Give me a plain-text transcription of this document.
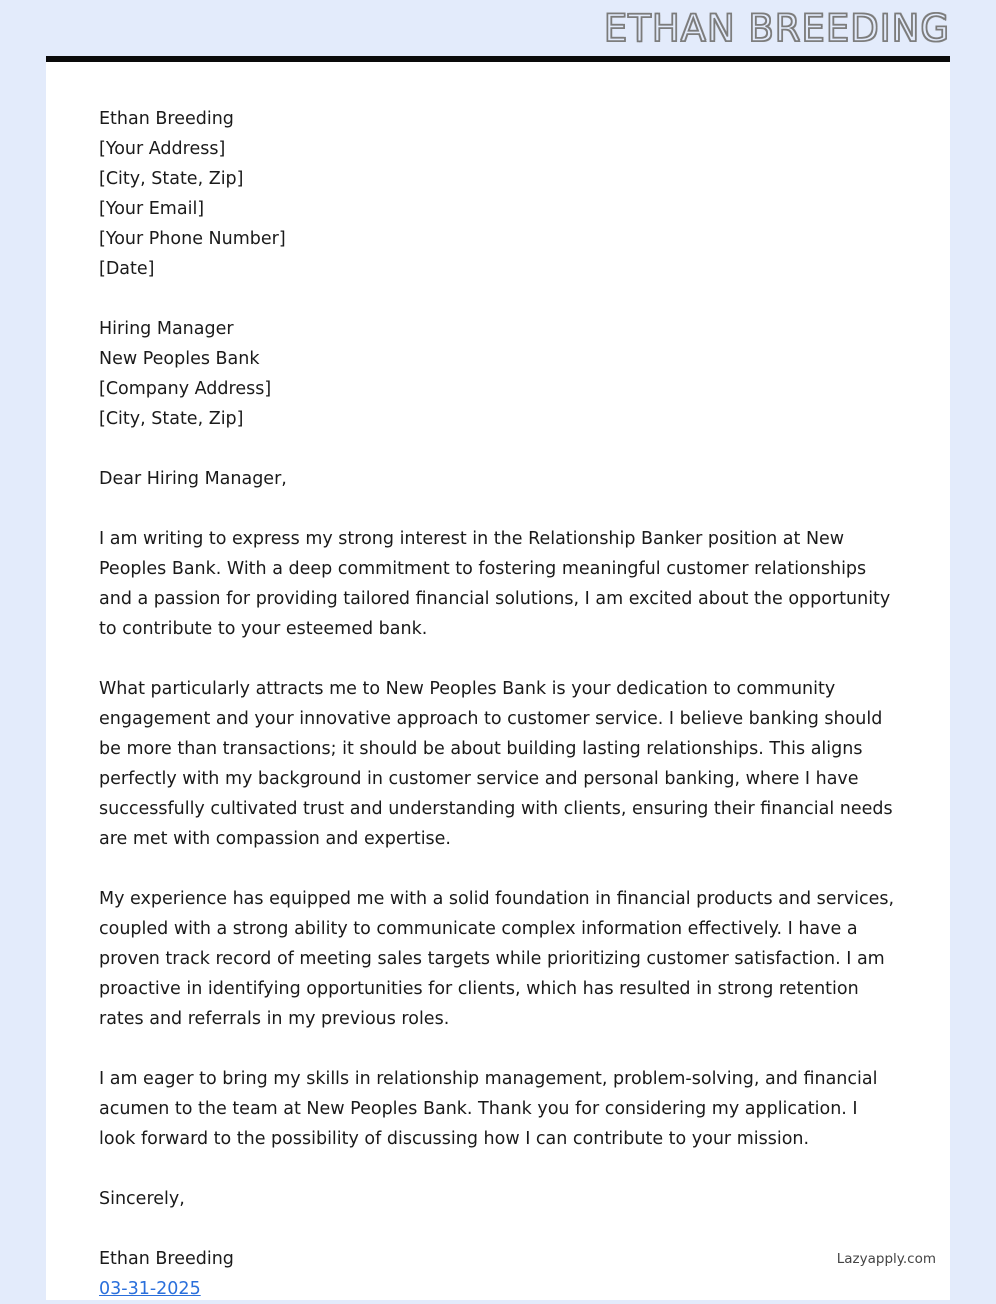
ETHAN BREEDING
Ethan Breeding
[Your Address]
[City, State, Zip]
[Your Email]
[Your Phone Number]
[Date]
Hiring Manager
New Peoples Bank
[Company Address]
[City, State, Zip]
Dear Hiring Manager,
I am writing to express my strong interest in the Relationship Banker position at New Peoples Bank. With a deep commitment to fostering meaningful customer relationships and a passion for providing tailored financial solutions, I am excited about the opportunity to contribute to your esteemed bank.
What particularly attracts me to New Peoples Bank is your dedication to community engagement and your innovative approach to customer service. I believe banking should be more than transactions; it should be about building lasting relationships. This aligns perfectly with my background in customer service and personal banking, where I have successfully cultivated trust and understanding with clients, ensuring their financial needs are met with compassion and expertise.
My experience has equipped me with a solid foundation in financial products and services, coupled with a strong ability to communicate complex information effectively. I have a proven track record of meeting sales targets while prioritizing customer satisfaction. I am proactive in identifying opportunities for clients, which has resulted in strong retention rates and referrals in my previous roles.
I am eager to bring my skills in relationship management, problem-solving, and financial acumen to the team at New Peoples Bank. Thank you for considering my application. I look forward to the possibility of discussing how I can contribute to your mission.
Sincerely,
Ethan Breeding
03-31-2025
Lazyapply.com
